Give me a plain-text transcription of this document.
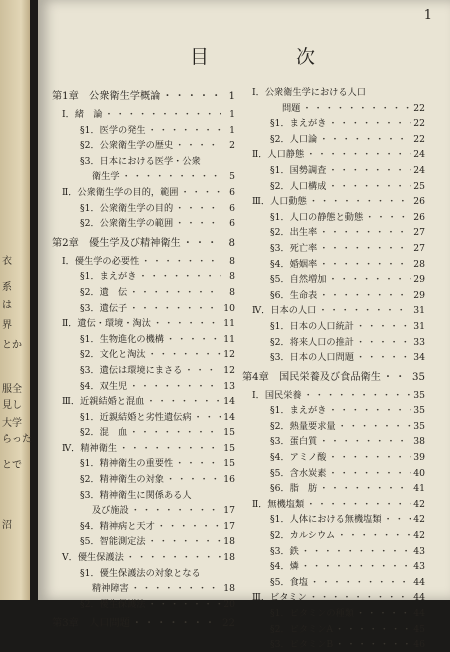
衣
系
は
界
とか
服全
見し
大学
らった
とで
沼
1
目　次
第1章　公衆衛生学概論 ・・・・・・・・・・・・・・・・・・・・・・・・・・・・・・	1
Ⅰ．緒　論 ・・・・・・・・・・・・・・・・・・・・・・・・・・・・・・	1
§1．医学の発生 ・・・・・・・・・・・・・・・・・・・・・・・・・・・・・・	1
§2．公衆衛生学の歴史 ・・・・・・・・・・・・・・・・・・・・・・・・・・・・・・	2
§3．日本における医学・公衆
衛生学 ・・・・・・・・・・・・・・・・・・・・・・・・・・・・・・	5
Ⅱ．公衆衛生学の目的，範囲 ・・・・・・・・・・・・・・・・・・・・・・・・・・・・・・	6
§1．公衆衛生学の目的 ・・・・・・・・・・・・・・・・・・・・・・・・・・・・・・	6
§2．公衆衛生学の範囲 ・・・・・・・・・・・・・・・・・・・・・・・・・・・・・・	6
第2章　優生学及び精神衛生 ・・・・・・・・・・・・・・・・・・・・・・・・・・・・・・	8
Ⅰ．優生学の必要性 ・・・・・・・・・・・・・・・・・・・・・・・・・・・・・・	8
§1．まえがき ・・・・・・・・・・・・・・・・・・・・・・・・・・・・・・	8
§2．遺　伝 ・・・・・・・・・・・・・・・・・・・・・・・・・・・・・・	8
§3．遺伝子 ・・・・・・・・・・・・・・・・・・・・・・・・・・・・・・	10
Ⅱ．遺伝・環境・淘汰 ・・・・・・・・・・・・・・・・・・・・・・・・・・・・・・	11
§1．生物進化の機構 ・・・・・・・・・・・・・・・・・・・・・・・・・・・・・・	11
§2．文化と淘汰 ・・・・・・・・・・・・・・・・・・・・・・・・・・・・・・	12
§3．遺伝は環境にまさる ・・・・・・・・・・・・・・・・・・・・・・・・・・・・・・	12
§4．双生児 ・・・・・・・・・・・・・・・・・・・・・・・・・・・・・・	13
Ⅲ．近親結婚と混血 ・・・・・・・・・・・・・・・・・・・・・・・・・・・・・・	14
§1．近親結婚と劣性遺伝病 ・・・・・・・・・・・・・・・・・・・・・・・・・・・・・・	14
§2．混　血 ・・・・・・・・・・・・・・・・・・・・・・・・・・・・・・	15
Ⅳ．精神衛生 ・・・・・・・・・・・・・・・・・・・・・・・・・・・・・・	15
§1．精神衛生の重要性 ・・・・・・・・・・・・・・・・・・・・・・・・・・・・・・	15
§2．精神衛生の対象 ・・・・・・・・・・・・・・・・・・・・・・・・・・・・・・	16
§3．精神衛生に関係ある人
及び施設 ・・・・・・・・・・・・・・・・・・・・・・・・・・・・・・	17
§4．精神病と天才 ・・・・・・・・・・・・・・・・・・・・・・・・・・・・・・	17
§5．智能測定法 ・・・・・・・・・・・・・・・・・・・・・・・・・・・・・・	18
Ⅴ．優生保護法 ・・・・・・・・・・・・・・・・・・・・・・・・・・・・・・	18
§1．優生保護法の対象となる
精神障害 ・・・・・・・・・・・・・・・・・・・・・・・・・・・・・・	18
§2．優生保護法 ・・・・・・・・・・・・・・・・・・・・・・・・・・・・・・	20
第3章　人口問題 ・・・・・・・・・・・・・・・・・・・・・・・・・・・・・・	22
Ⅰ．公衆衛生学における人口
問題 ・・・・・・・・・・・・・・・・・・・・・・・・・・・・・・	22
§1．まえがき ・・・・・・・・・・・・・・・・・・・・・・・・・・・・・・	22
§2．人口論 ・・・・・・・・・・・・・・・・・・・・・・・・・・・・・・	22
Ⅱ．人口静態 ・・・・・・・・・・・・・・・・・・・・・・・・・・・・・・	24
§1．国勢調査 ・・・・・・・・・・・・・・・・・・・・・・・・・・・・・・	24
§2．人口構成 ・・・・・・・・・・・・・・・・・・・・・・・・・・・・・・	25
Ⅲ．人口動態 ・・・・・・・・・・・・・・・・・・・・・・・・・・・・・・	26
§1．人口の静態と動態 ・・・・・・・・・・・・・・・・・・・・・・・・・・・・・・	26
§2．出生率 ・・・・・・・・・・・・・・・・・・・・・・・・・・・・・・	27
§3．死亡率 ・・・・・・・・・・・・・・・・・・・・・・・・・・・・・・	27
§4．婚姻率 ・・・・・・・・・・・・・・・・・・・・・・・・・・・・・・	28
§5．自然増加 ・・・・・・・・・・・・・・・・・・・・・・・・・・・・・・	29
§6．生命表 ・・・・・・・・・・・・・・・・・・・・・・・・・・・・・・	29
Ⅳ．日本の人口 ・・・・・・・・・・・・・・・・・・・・・・・・・・・・・・	31
§1．日本の人口統計 ・・・・・・・・・・・・・・・・・・・・・・・・・・・・・・	31
§2．将来人口の推計 ・・・・・・・・・・・・・・・・・・・・・・・・・・・・・・	33
§3．日本の人口問題 ・・・・・・・・・・・・・・・・・・・・・・・・・・・・・・	34
第4章　国民栄養及び食品衛生 ・・・・・・・・・・・・・・・・・・・・・・・・・・・・・・	35
Ⅰ．国民栄養 ・・・・・・・・・・・・・・・・・・・・・・・・・・・・・・	35
§1．まえがき ・・・・・・・・・・・・・・・・・・・・・・・・・・・・・・	35
§2．熱量要求量 ・・・・・・・・・・・・・・・・・・・・・・・・・・・・・・	35
§3．蛋白質 ・・・・・・・・・・・・・・・・・・・・・・・・・・・・・・	38
§4．アミノ酸 ・・・・・・・・・・・・・・・・・・・・・・・・・・・・・・	39
§5．含水炭素 ・・・・・・・・・・・・・・・・・・・・・・・・・・・・・・	40
§6．脂　肪 ・・・・・・・・・・・・・・・・・・・・・・・・・・・・・・	41
Ⅱ．無機塩類 ・・・・・・・・・・・・・・・・・・・・・・・・・・・・・・	42
§1．人体における無機塩類 ・・・・・・・・・・・・・・・・・・・・・・・・・・・・・・	42
§2．カルシウム ・・・・・・・・・・・・・・・・・・・・・・・・・・・・・・	42
§3．鉄 ・・・・・・・・・・・・・・・・・・・・・・・・・・・・・・	43
§4．燐 ・・・・・・・・・・・・・・・・・・・・・・・・・・・・・・	43
§5．食塩 ・・・・・・・・・・・・・・・・・・・・・・・・・・・・・・	44
Ⅲ．ビタミン ・・・・・・・・・・・・・・・・・・・・・・・・・・・・・・	44
§1．ビタミンの種類 ・・・・・・・・・・・・・・・・・・・・・・・・・・・・・・	44
§2．ビタミンA ・・・・・・・・・・・・・・・・・・・・・・・・・・・・・・	45
§3．ビタミンB ・・・・・・・・・・・・・・・・・・・・・・・・・・・・・・	46
